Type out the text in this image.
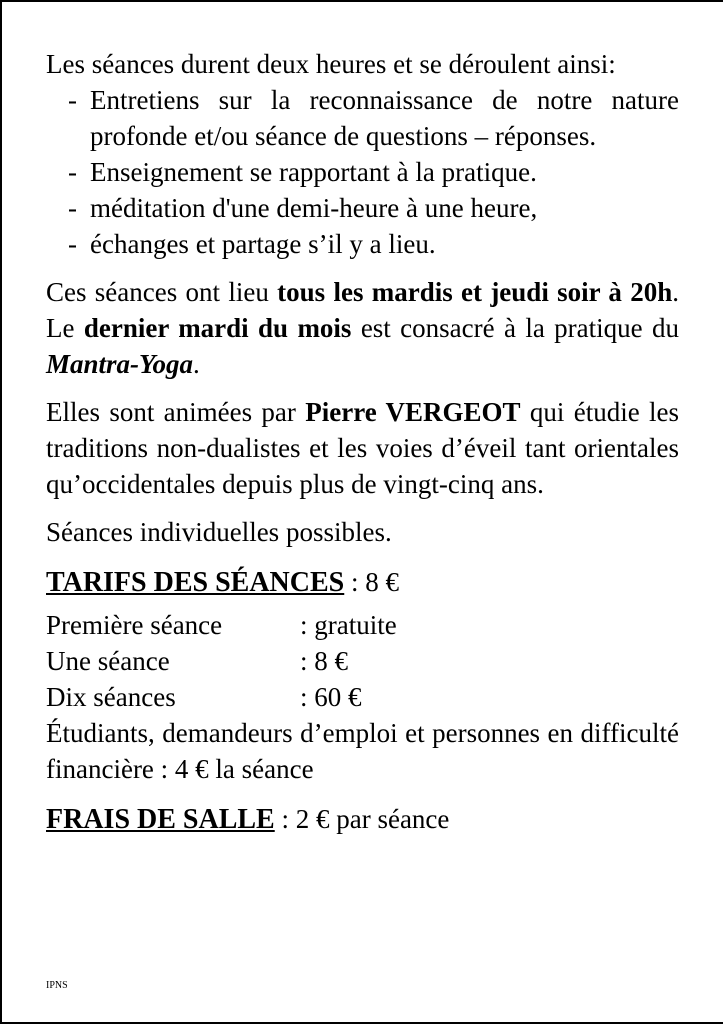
Les séances durent deux heures et se déroulent ainsi:

- Entretiens sur la reconnaissance de notre nature profonde et/ou séance de questions – réponses.
- Enseignement se rapportant à la pratique.
- méditation d'une demi-heure à une heure,
- échanges et partage s’il y a lieu.

Ces séances ont lieu tous les mardis et jeudi soir à 20h. Le dernier mardi du mois est consacré à la pratique du Mantra-Yoga.

Elles sont animées par Pierre VERGEOT qui étudie les traditions non-dualistes et les voies d’éveil tant orientales qu’occidentales depuis plus de vingt-cinq ans.

Séances individuelles possibles.

TARIFS DES SÉANCES : 8 €

Première séance	: gratuite
Une séance	: 8 €
Dix séances	: 60 €

Étudiants, demandeurs d’emploi et personnes en difficulté financière : 4 € la séance

FRAIS DE SALLE : 2 € par séance

IPNS
